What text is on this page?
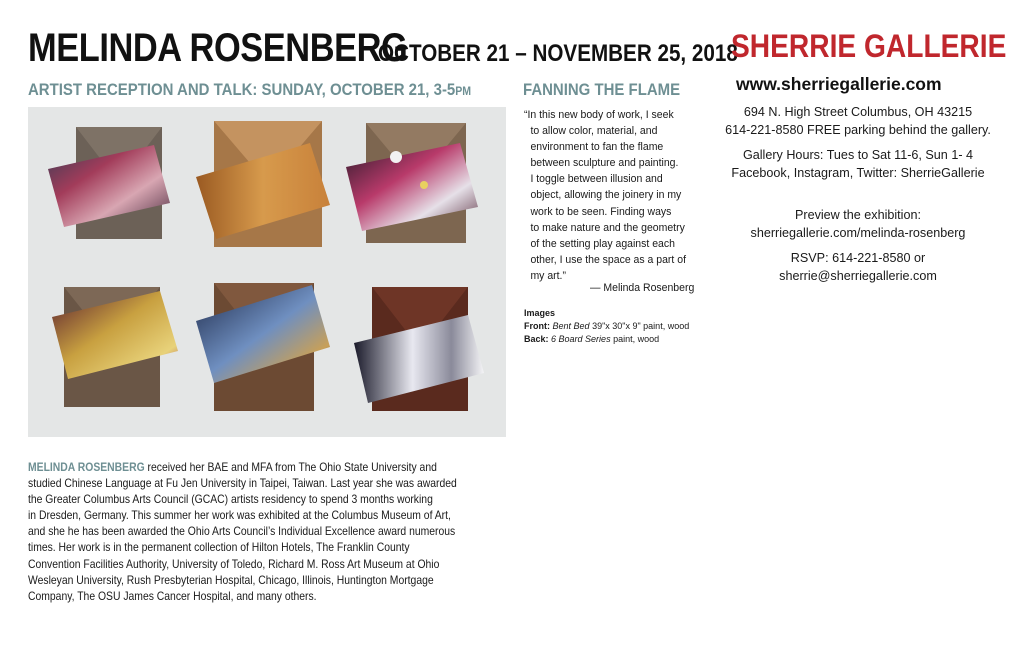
MELINDA ROSENBERG
OCTOBER 21 – NOVEMBER 25, 2018
ARTIST RECEPTION AND TALK: SUNDAY, OCTOBER 21, 3-5PM	FANNING THE FLAME
“In this new body of work, I seek
to allow color, material, and
environment to fan the flame
between sculpture and painting.
I toggle between illusion and
object, allowing the joinery in my
work to be seen. Finding ways
to make nature and the geometry
of the setting play against each
other, I use the space as a part of
my art.”
— Melinda Rosenberg
Images
Front: Bent Bed 39"x 30"x 9" paint, wood
Back: 6 Board Series paint, wood
SHERRIE GALLERIE
www.sherriegallerie.com
694 N. High Street Columbus, OH 43215
614-221-8580 FREE parking behind the gallery.
Gallery Hours: Tues to Sat 11-6, Sun 1- 4
Facebook, Instagram, Twitter: SherrieGallerie
Preview the exhibition:
sherriegallerie.com/melinda-rosenberg
RSVP: 614-221-8580 or
sherrie@sherriegallerie.com
MELINDA ROSENBERG received her BAE and MFA from The Ohio State University and
studied Chinese Language at Fu Jen University in Taipei, Taiwan. Last year she was awarded
the Greater Columbus Arts Council (GCAC) artists residency to spend 3 months working
in Dresden, Germany. This summer her work was exhibited at the Columbus Museum of Art,
and she he has been awarded the Ohio Arts Council’s Individual Excellence award numerous
times. Her work is in the permanent collection of Hilton Hotels, The Franklin County
Convention Facilities Authority, University of Toledo, Richard M. Ross Art Museum at Ohio
Wesleyan University, Rush Presbyterian Hospital, Chicago, Illinois, Huntington Mortgage
Company, The OSU James Cancer Hospital, and many others.
